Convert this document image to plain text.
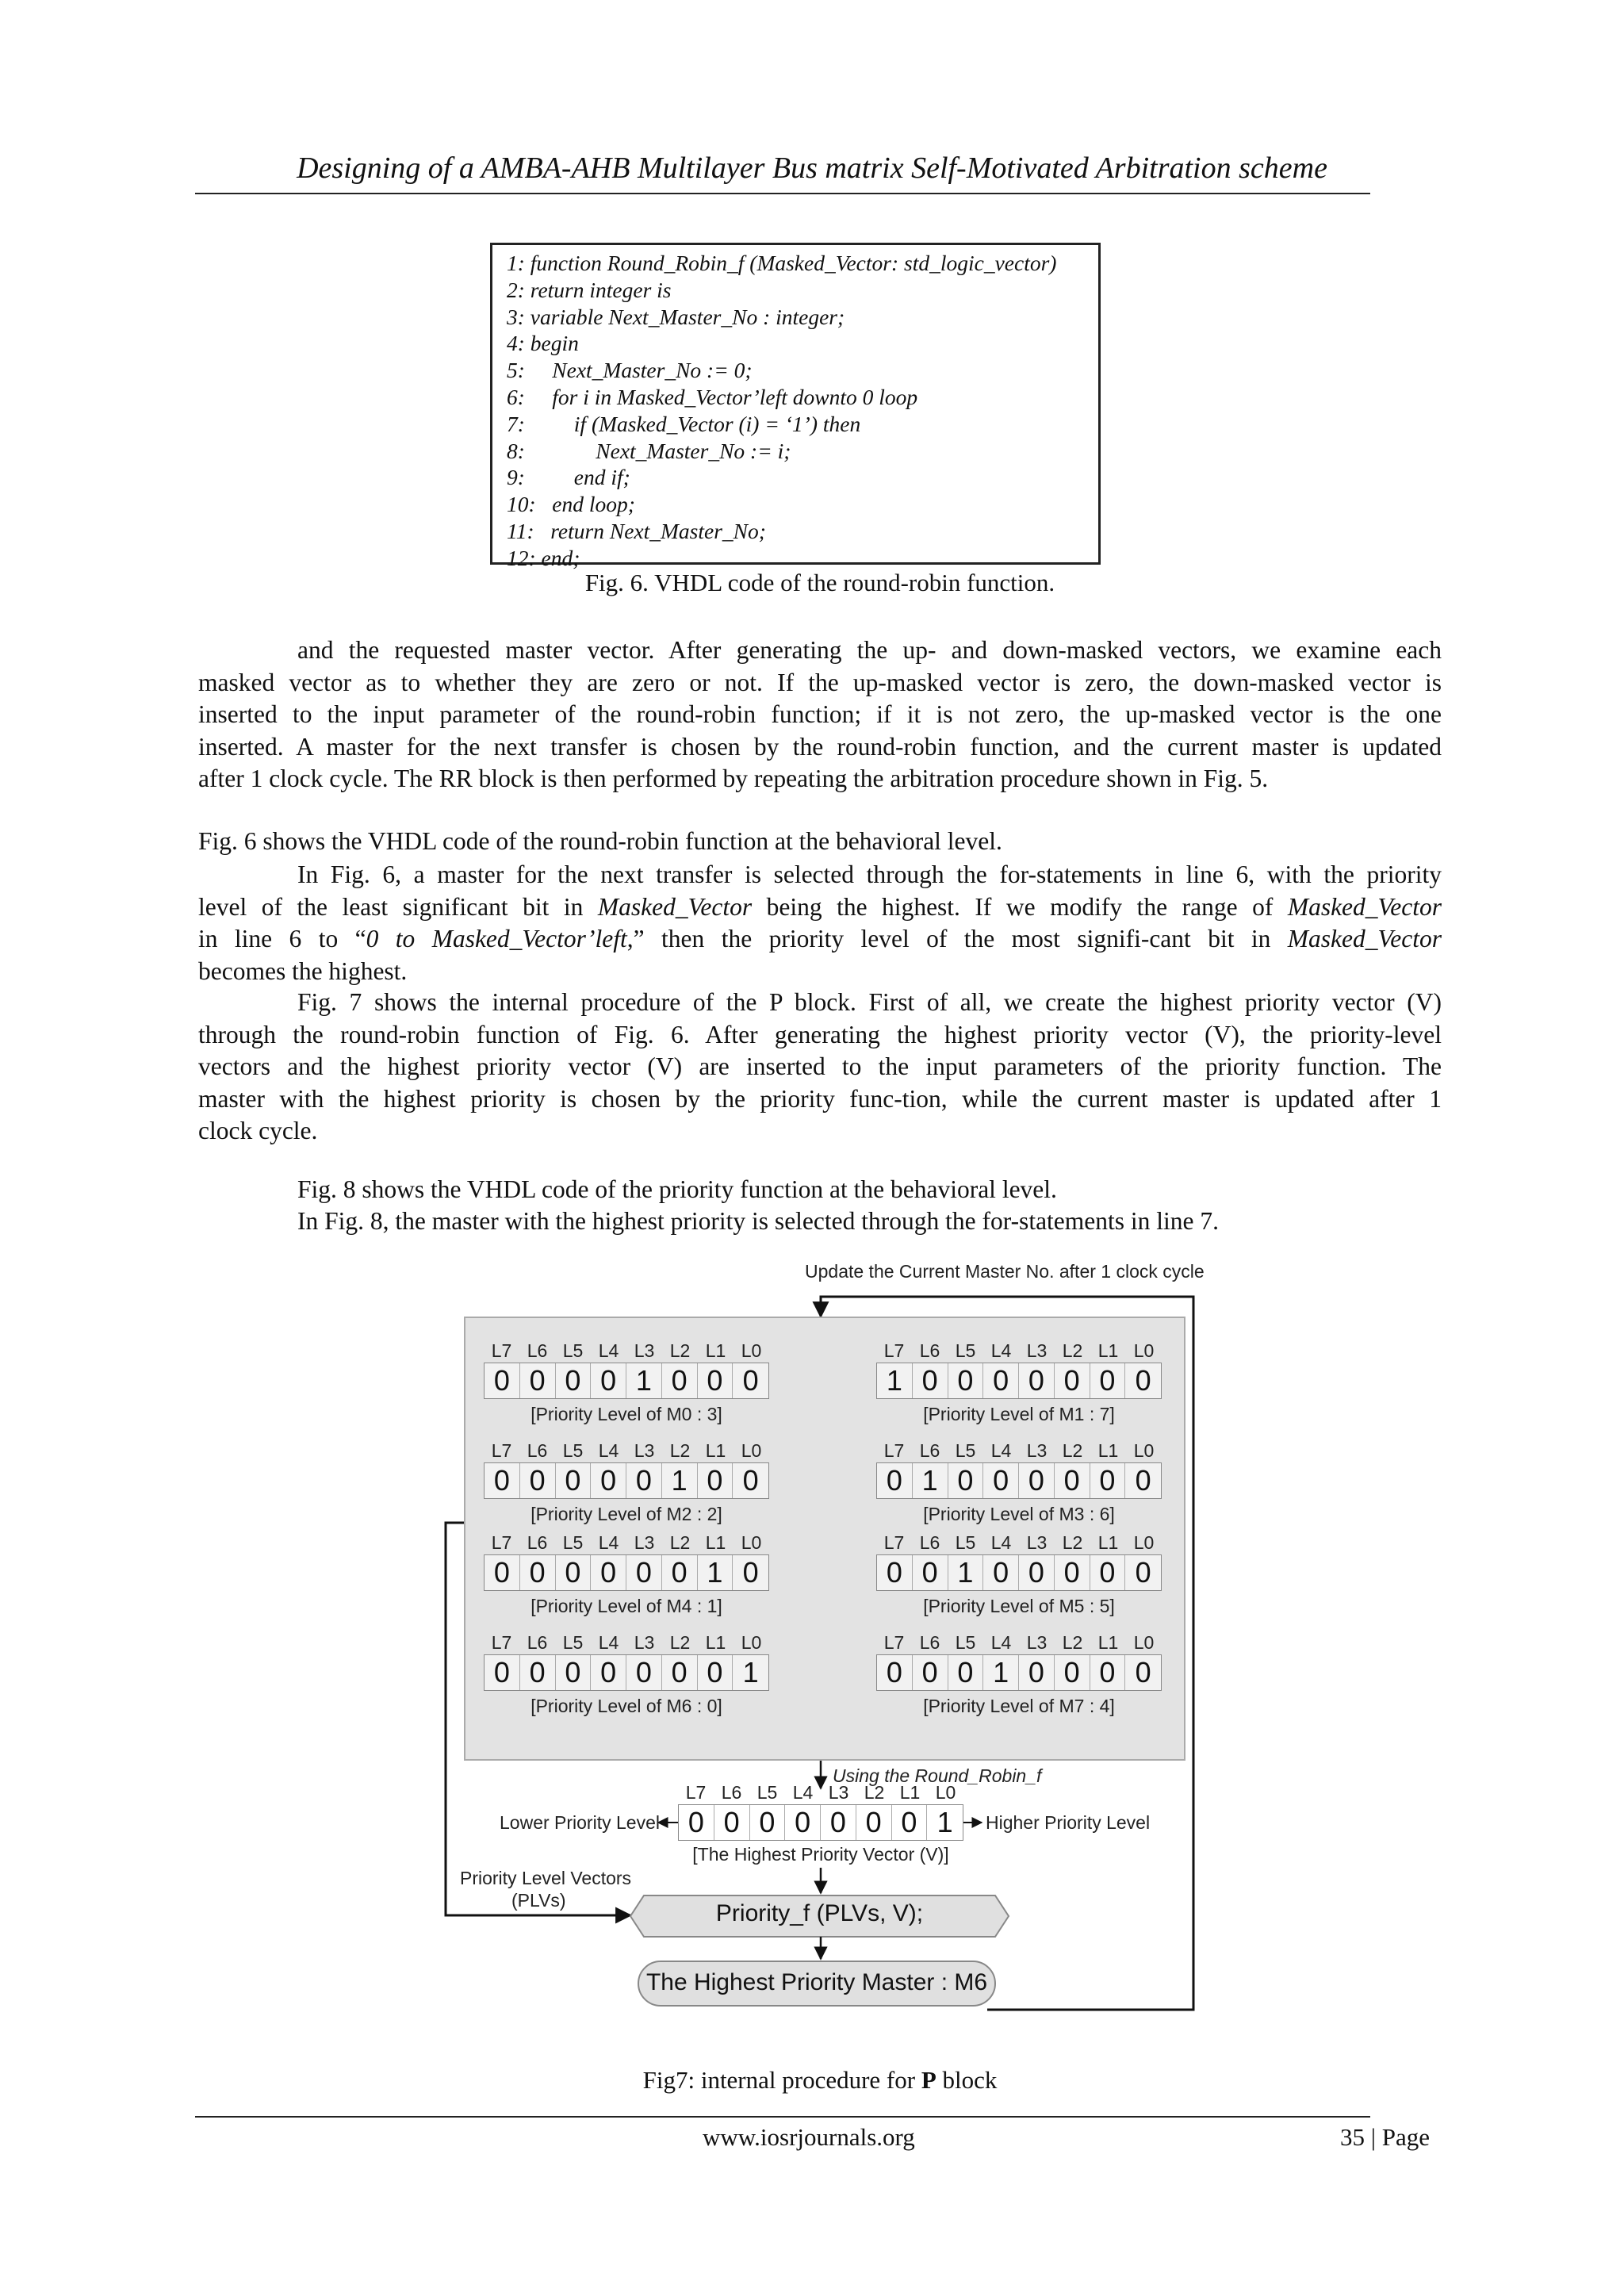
Designing of a AMBA-AHB Multilayer Bus matrix Self-Motivated Arbitration scheme
1: function Round_Robin_f (Masked_Vector: std_logic_vector)
2: return integer is
3: variable Next_Master_No : integer;
4: begin
5:     Next_Master_No := 0;
6:     for i in Masked_Vector’left downto 0 loop
7:         if (Masked_Vector (i) = ‘1’) then
8:             Next_Master_No := i;
9:         end if;
10:   end loop;
11:   return Next_Master_No;
12: end;
Fig. 6. VHDL code of the round-robin function.
and the requested master vector. After generating the up- and down-masked vectors, we examine each
masked vector as to whether they are zero or not. If the up-masked vector is zero, the down-masked vector is
inserted to the input parameter of the round-robin function; if it is not zero, the up-masked vector is the one
inserted. A master for the next transfer is chosen by the round-robin function, and the current master is updated
after 1 clock cycle. The RR block is then performed by repeating the arbitration procedure shown in Fig. 5.
Fig. 6 shows the VHDL code of the round-robin function at the behavioral level.
In Fig. 6, a master for the next transfer is selected through the for-statements in line 6, with the priority
level of the least significant bit in Masked_Vector being the highest. If we modify the range of Masked_Vector
in line 6 to “0 to Masked_Vector’left,” then the priority level of the most signifi-cant bit in Masked_Vector
becomes the highest.
Fig. 7 shows the internal procedure of the P block. First of all, we create the highest priority vector (V)
through the round-robin function of Fig. 6. After generating the highest priority vector (V), the priority-level
vectors and the highest priority vector (V) are inserted to the input parameters of the priority function. The
master with the highest priority is chosen by the priority func-tion, while the current master is updated after 1
clock cycle.
Fig. 8 shows the VHDL code of the priority function at the behavioral level.
In Fig. 8, the master with the highest priority is selected through the for-statements in line 7.
Update the Current Master No. after 1 clock cycle
L7 L6 L5 L4 L3 L2 L1 L0
0 0 0 0 1 0 0 0
[Priority Level of M0 : 3]
L7 L6 L5 L4 L3 L2 L1 L0
1 0 0 0 0 0 0 0
[Priority Level of M1 : 7]
L7 L6 L5 L4 L3 L2 L1 L0
0 0 0 0 0 1 0 0
[Priority Level of M2 : 2]
L7 L6 L5 L4 L3 L2 L1 L0
0 1 0 0 0 0 0 0
[Priority Level of M3 : 6]
L7 L6 L5 L4 L3 L2 L1 L0
0 0 0 0 0 0 1 0
[Priority Level of M4 : 1]
L7 L6 L5 L4 L3 L2 L1 L0
0 0 1 0 0 0 0 0
[Priority Level of M5 : 5]
L7 L6 L5 L4 L3 L2 L1 L0
0 0 0 0 0 0 0 1
[Priority Level of M6 : 0]
L7 L6 L5 L4 L3 L2 L1 L0
0 0 0 1 0 0 0 0
[Priority Level of M7 : 4]
Using the Round_Robin_f
L7 L6 L5 L4 L3 L2 L1 L0
0 0 0 0 0 0 0 1
[The Highest Priority Vector (V)]
Lower Priority Level	Higher Priority Level
Priority Level Vectors
(PLVs)	Priority_f (PLVs, V);
The Highest Priority Master : M6
Fig7: internal procedure for P block
www.iosrjournals.org	35 | Page
